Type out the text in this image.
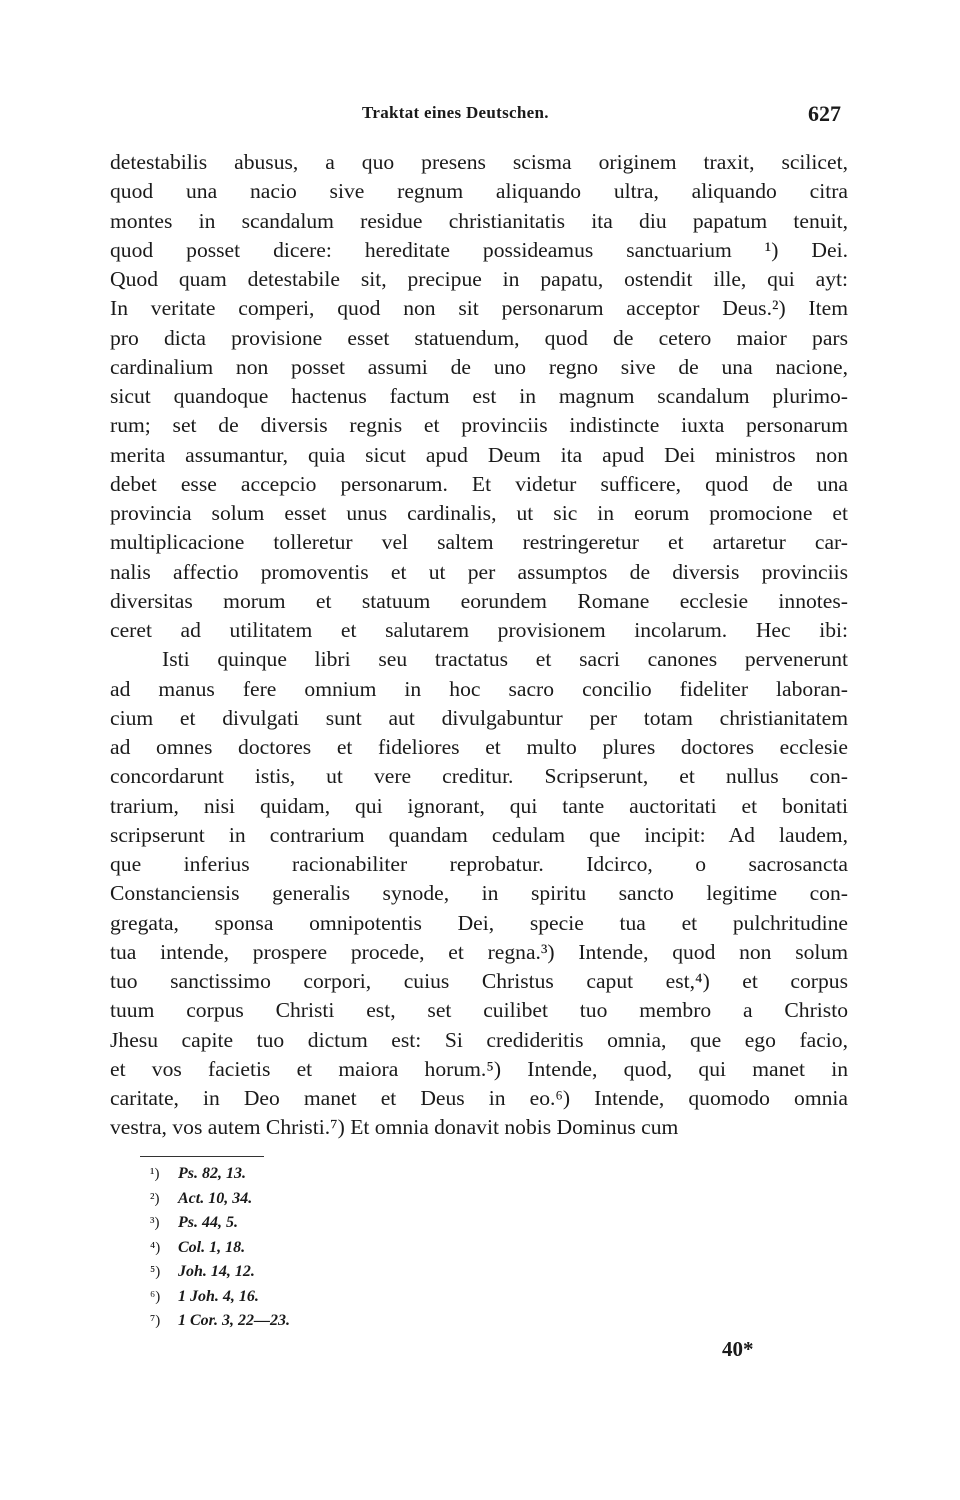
Traktat eines Deutschen.	627
detestabilis abusus, a quo presens scisma originem traxit, scilicet,
quod una nacio sive regnum aliquando ultra, aliquando citra
montes in scandalum residue christianitatis ita diu papatum tenuit,
quod posset dicere: hereditate possideamus sanctuarium ¹) Dei.
Quod quam detestabile sit, precipue in papatu, ostendit ille, qui ayt:
In veritate comperi, quod non sit personarum acceptor Deus.²) Item
pro dicta provisione esset statuendum, quod de cetero maior pars
cardinalium non posset assumi de uno regno sive de una nacione,
sicut quandoque hactenus factum est in magnum scandalum plurimo-
rum; set de diversis regnis et provinciis indistincte iuxta personarum
merita assumantur, quia sicut apud Deum ita apud Dei ministros non
debet esse accepcio personarum. Et videtur sufficere, quod de una
provincia solum esset unus cardinalis, ut sic in eorum promocione et
multiplicacione tolleretur vel saltem restringeretur et artaretur car-
nalis affectio promoventis et ut per assumptos de diversis provinciis
diversitas morum et statuum eorundem Romane ecclesie innotes-
ceret ad utilitatem et salutarem provisionem incolarum. Hec ibi:
Isti quinque libri seu tractatus et sacri canones pervenerunt
ad manus fere omnium in hoc sacro concilio fideliter laboran-
cium et divulgati sunt aut divulgabuntur per totam christianitatem
ad omnes doctores et fideliores et multo plures doctores ecclesie
concordarunt istis, ut vere creditur. Scripserunt, et nullus con-
trarium, nisi quidam, qui ignorant, qui tante auctoritati et bonitati
scripserunt in contrarium quandam cedulam que incipit: Ad laudem,
que inferius racionabiliter reprobatur. Idcirco, o sacrosancta
Constanciensis generalis synode, in spiritu sancto legitime con-
gregata, sponsa omnipotentis Dei, specie tua et pulchritudine
tua intende, prospere procede, et regna.³) Intende, quod non solum
tuo sanctissimo corpori, cuius Christus caput est,⁴) et corpus
tuum corpus Christi est, set cuilibet tuo membro a Christo
Jhesu capite tuo dictum est: Si credideritis omnia, que ego facio,
et vos facietis et maiora horum.⁵) Intende, quod, qui manet in
caritate, in Deo manet et Deus in eo.⁶) Intende, quomodo omnia
vestra, vos autem Christi.⁷) Et omnia donavit nobis Dominus cum
¹) Ps. 82, 13.
²) Act. 10, 34.
³) Ps. 44, 5.
⁴) Col. 1, 18.
⁵) Joh. 14, 12.
⁶) 1 Joh. 4, 16.
⁷) 1 Cor. 3, 22—23.
40*
